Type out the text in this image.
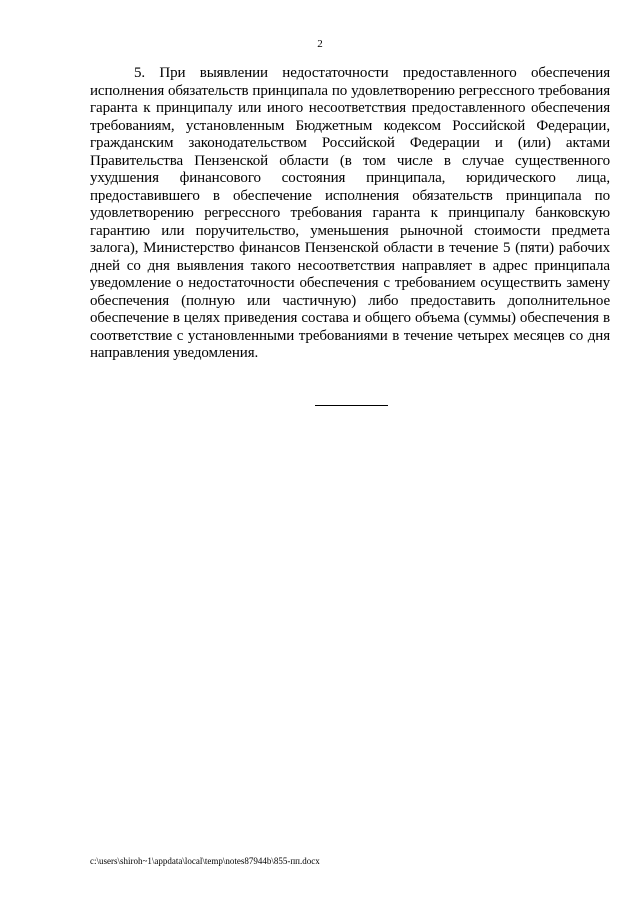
2

5. При выявлении недостаточности предоставленного обеспечения исполнения обязательств принципала по удовлетворению регрессного требования гаранта к принципалу или иного несоответствия предоставленного обеспечения требованиям, установленным Бюджетным кодексом Российской Федерации, гражданским законодательством Российской Федерации и (или) актами Правительства Пензенской области (в том числе в случае существенного ухудшения финансового состояния принципала, юридического лица, предоставившего в обеспечение исполнения обязательств принципала по удовлетворению регрессного требования гаранта к принципалу банковскую гарантию или поручительство, уменьшения рыночной стоимости предмета залога), Министерство финансов Пензенской области в течение 5 (пяти) рабочих дней со дня выявления такого несоответствия направляет в адрес принципала уведомление о недостаточности обеспечения с требованием осуществить замену обеспечения (полную или частичную) либо предоставить дополнительное обеспечение в целях приведения состава и общего объема (суммы) обеспечения в соответствие с установленными требованиями в течение четырех месяцев со дня направления уведомления.

c:\users\shiroh~1\appdata\local\temp\notes87944b\855-пп.docx
